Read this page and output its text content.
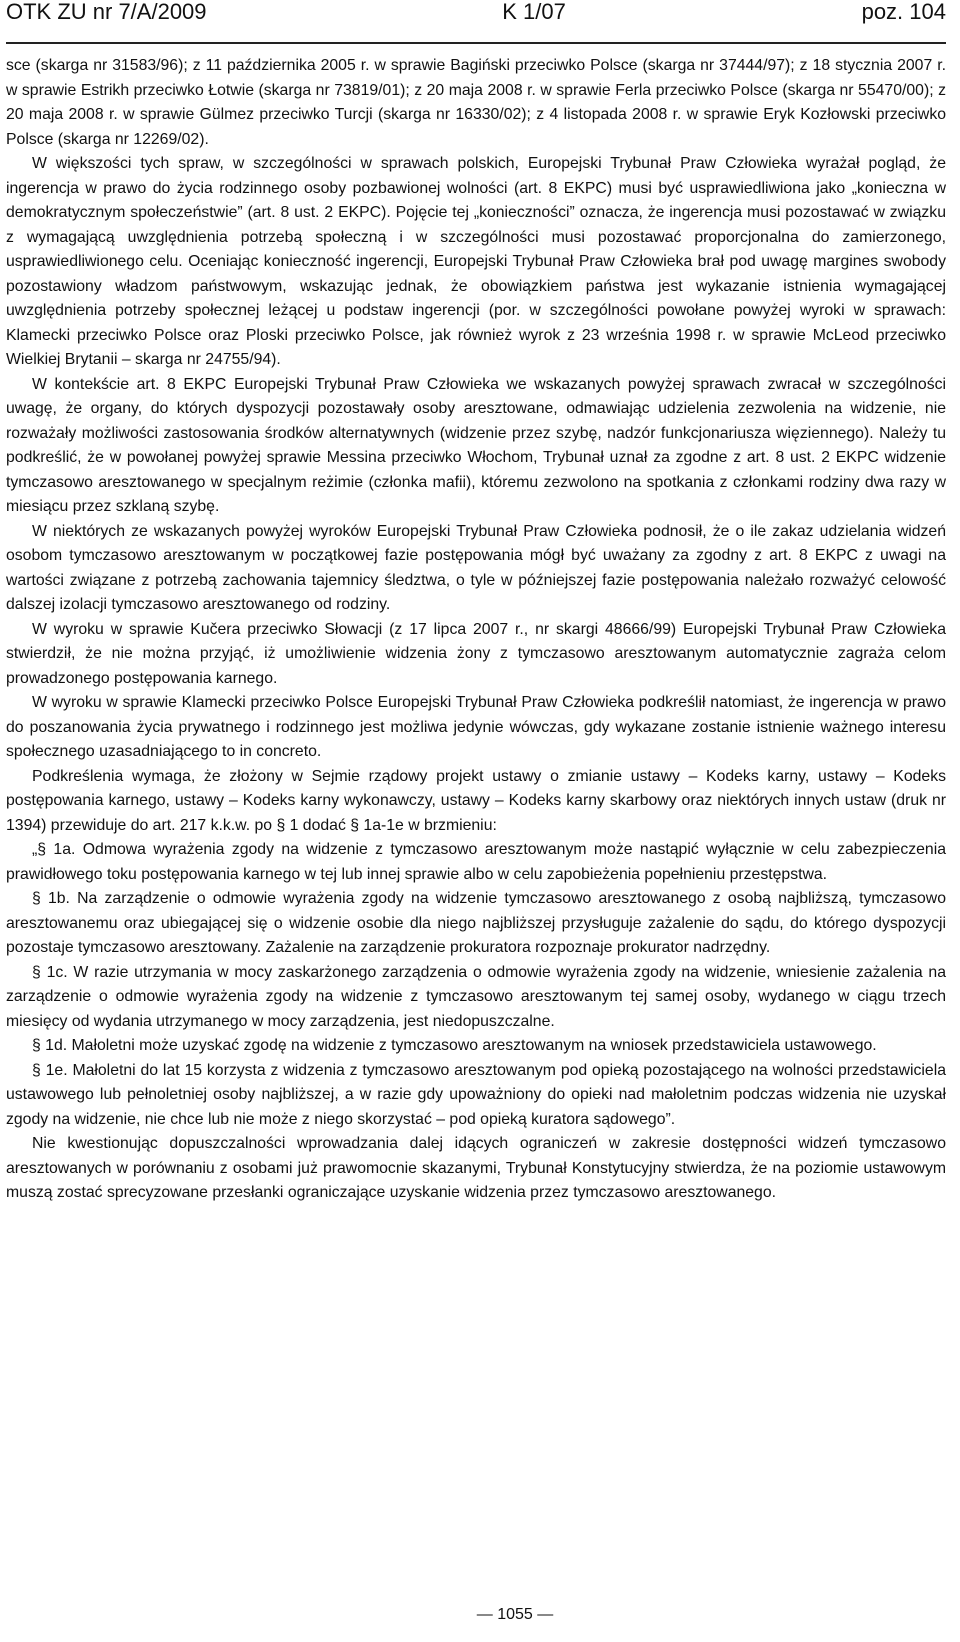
OTK ZU nr 7/A/2009	K 1/07	poz. 104

sce (skarga nr 31583/96); z 11 października 2005 r. w sprawie Bagiński przeciwko Polsce (skarga nr 37444/97); z 18 stycznia 2007 r. w sprawie Estrikh przeciwko Łotwie (skarga nr 73819/01); z 20 maja 2008 r. w sprawie Ferla przeciwko Polsce (skarga nr 55470/00); z 20 maja 2008 r. w sprawie Gülmez przeciwko Turcji (skarga nr 16330/02); z 4 listopada 2008 r. w sprawie Eryk Kozłowski przeciwko Polsce (skarga nr 12269/02).

W większości tych spraw, w szczególności w sprawach polskich, Europejski Trybunał Praw Człowieka wyrażał pogląd, że ingerencja w prawo do życia rodzinnego osoby pozbawionej wolności (art. 8 EKPC) musi być usprawiedliwiona jako „konieczna w demokratycznym społeczeństwie” (art. 8 ust. 2 EKPC). Pojęcie tej „konieczności” oznacza, że ingerencja musi pozostawać w związku z wymagającą uwzględnienia potrzebą społeczną i w szczególności musi pozostawać proporcjonalna do zamierzonego, usprawiedliwionego celu. Oceniając konieczność ingerencji, Europejski Trybunał Praw Człowieka brał pod uwagę margines swobody pozostawiony władzom państwowym, wskazując jednak, że obowiązkiem państwa jest wykazanie istnienia wymagającej uwzględnienia potrzeby społecznej leżącej u podstaw ingerencji (por. w szczególności powołane powyżej wyroki w sprawach: Klamecki przeciwko Polsce oraz Ploski przeciwko Polsce, jak również wyrok z 23 września 1998 r. w sprawie McLeod przeciwko Wielkiej Brytanii – skarga nr 24755/94).

W kontekście art. 8 EKPC Europejski Trybunał Praw Człowieka we wskazanych powyżej sprawach zwracał w szczególności uwagę, że organy, do których dyspozycji pozostawały osoby aresztowane, odmawiając udzielenia zezwolenia na widzenie, nie rozważały możliwości zastosowania środków alternatywnych (widzenie przez szybę, nadzór funkcjonariusza więziennego). Należy tu podkreślić, że w powołanej powyżej sprawie Messina przeciwko Włochom, Trybunał uznał za zgodne z art. 8 ust. 2 EKPC widzenie tymczasowo aresztowanego w specjalnym reżimie (członka mafii), któremu zezwolono na spotkania z członkami rodziny dwa razy w miesiącu przez szklaną szybę.

W niektórych ze wskazanych powyżej wyroków Europejski Trybunał Praw Człowieka podnosił, że o ile zakaz udzielania widzeń osobom tymczasowo aresztowanym w początkowej fazie postępowania mógł być uważany za zgodny z art. 8 EKPC z uwagi na wartości związane z potrzebą zachowania tajemnicy śledztwa, o tyle w późniejszej fazie postępowania należało rozważyć celowość dalszej izolacji tymczasowo aresztowanego od rodziny.

W wyroku w sprawie Kučera przeciwko Słowacji (z 17 lipca 2007 r., nr skargi 48666/99) Europejski Trybunał Praw Człowieka stwierdził, że nie można przyjąć, iż umożliwienie widzenia żony z tymczasowo aresztowanym automatycznie zagraża celom prowadzonego postępowania karnego.

W wyroku w sprawie Klamecki przeciwko Polsce Europejski Trybunał Praw Człowieka podkreślił natomiast, że ingerencja w prawo do poszanowania życia prywatnego i rodzinnego jest możliwa jedynie wówczas, gdy wykazane zostanie istnienie ważnego interesu społecznego uzasadniającego to in concreto.

Podkreślenia wymaga, że złożony w Sejmie rządowy projekt ustawy o zmianie ustawy – Kodeks karny, ustawy – Kodeks postępowania karnego, ustawy – Kodeks karny wykonawczy, ustawy – Kodeks karny skarbowy oraz niektórych innych ustaw (druk nr 1394) przewiduje do art. 217 k.k.w. po § 1 dodać § 1a-1e w brzmieniu:

„§ 1a. Odmowa wyrażenia zgody na widzenie z tymczasowo aresztowanym może nastąpić wyłącznie w celu zabezpieczenia prawidłowego toku postępowania karnego w tej lub innej sprawie albo w celu zapobieżenia popełnieniu przestępstwa.

§ 1b. Na zarządzenie o odmowie wyrażenia zgody na widzenie tymczasowo aresztowanego z osobą najbliższą, tymczasowo aresztowanemu oraz ubiegającej się o widzenie osobie dla niego najbliższej przysługuje zażalenie do sądu, do którego dyspozycji pozostaje tymczasowo aresztowany. Zażalenie na zarządzenie prokuratora rozpoznaje prokurator nadrzędny.

§ 1c. W razie utrzymania w mocy zaskarżonego zarządzenia o odmowie wyrażenia zgody na widzenie, wniesienie zażalenia na zarządzenie o odmowie wyrażenia zgody na widzenie z tymczasowo aresztowanym tej samej osoby, wydanego w ciągu trzech miesięcy od wydania utrzymanego w mocy zarządzenia, jest niedopuszczalne.

§ 1d. Małoletni może uzyskać zgodę na widzenie z tymczasowo aresztowanym na wniosek przedstawiciela ustawowego.

§ 1e. Małoletni do lat 15 korzysta z widzenia z tymczasowo aresztowanym pod opieką pozostającego na wolności przedstawiciela ustawowego lub pełnoletniej osoby najbliższej, a w razie gdy upoważniony do opieki nad małoletnim podczas widzenia nie uzyskał zgody na widzenie, nie chce lub nie może z niego skorzystać – pod opieką kuratora sądowego”.

Nie kwestionując dopuszczalności wprowadzania dalej idących ograniczeń w zakresie dostępności widzeń tymczasowo aresztowanych w porównaniu z osobami już prawomocnie skazanymi, Trybunał Konstytucyjny stwierdza, że na poziomie ustawowym muszą zostać sprecyzowane przesłanki ograniczające uzyskanie widzenia przez tymczasowo aresztowanego.

— 1055 —
